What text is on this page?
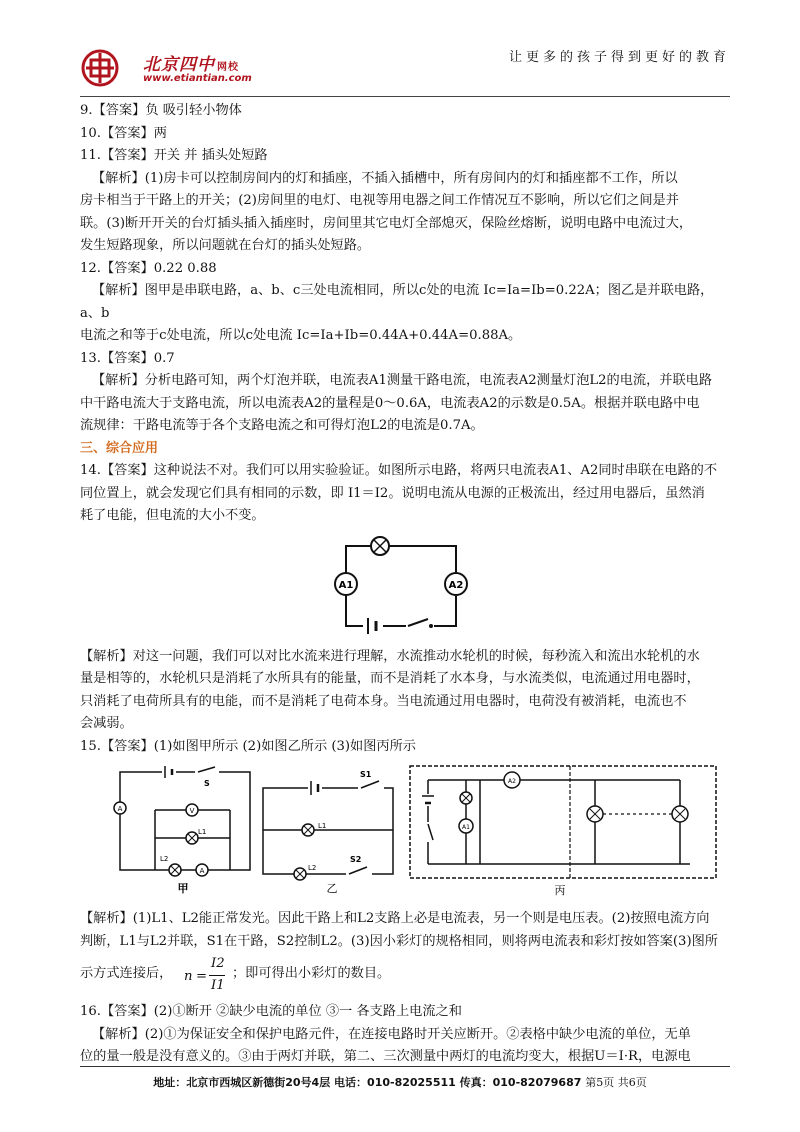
北京四中 网校
www.etiantian.com
让更多的孩子得到更好的教育

9.【答案】负 吸引轻小物体

10.【答案】两

11.【答案】开关 并 插头处短路

【解析】(1)房卡可以控制房间内的灯和插座，不插入插槽中，所有房间内的灯和插座都不工作，所以

房卡相当于干路上的开关；(2)房间里的电灯、电视等用电器之间工作情况互不影响，所以它们之间是并

联。(3)断开开关的台灯插头插入插座时，房间里其它电灯全部熄灭，保险丝熔断，说明电路中电流过大，

发生短路现象，所以问题就在台灯的插头处短路。

12.【答案】0.22 0.88

【解析】图甲是串联电路，a、b、c三处电流相同，所以c处的电流 Ic=Ia=Ib=0.22A；图乙是并联电路，a、b

电流之和等于c处电流，所以c处电流 Ic=Ia+Ib=0.44A+0.44A=0.88A。

13.【答案】0.7

【解析】分析电路可知，两个灯泡并联，电流表A1测量干路电流，电流表A2测量灯泡L2的电流，并联电路

中干路电流大于支路电流，所以电流表A2的量程是0～0.6A，电流表A2的示数是0.5A。根据并联电路中电

流规律：干路电流等于各个支路电流之和可得灯泡L2的电流是0.7A。

三、综合应用

14.【答案】这种说法不对。我们可以用实验验证。如图所示电路，将两只电流表A1、A2同时串联在电路的不

同位置上，就会发现它们具有相同的示数，即 I1＝I2。说明电流从电源的正极流出，经过用电器后，虽然消

耗了电能，但电流的大小不变。

A1	A2

【解析】对这一问题，我们可以对比水流来进行理解，水流推动水轮机的时候，每秒流入和流出水轮机的水

量是相等的，水轮机只是消耗了水所具有的能量，而不是消耗了水本身，与水流类似，电流通过用电器时，

只消耗了电荷所具有的电能，而不是消耗了电荷本身。当电流通过用电器时，电荷没有被消耗，电流也不

会减弱。

15.【答案】(1)如图甲所示 (2)如图乙所示 (3)如图丙所示

S
A	V
L1
L2
A
甲
S1
L1
L2
S2
乙
A1
A2
丙

【解析】(1)L1、L2能正常发光。因此干路上和L2支路上必是电流表，另一个则是电压表。(2)按照电流方向

判断，L1与L2并联，S1在干路，S2控制L2。(3)因小彩灯的规格相同，则将两电流表和彩灯按如答案(3)图所

示方式连接后， n =
I2
I1
；即可得出小彩灯的数目。

16.【答案】(2)①断开 ②缺少电流的单位 ③一 各支路上电流之和

【解析】(2)①为保证安全和保护电路元件，在连接电路时开关应断开。②表格中缺少电流的单位，无单

位的量一般是没有意义的。③由于两灯并联，第二、三次测量中两灯的电流均变大，根据U＝I·R，电源电

地址：北京市西城区新德街20号4层 电话：010-82025511 传真：010-82079687 第5页 共6页
